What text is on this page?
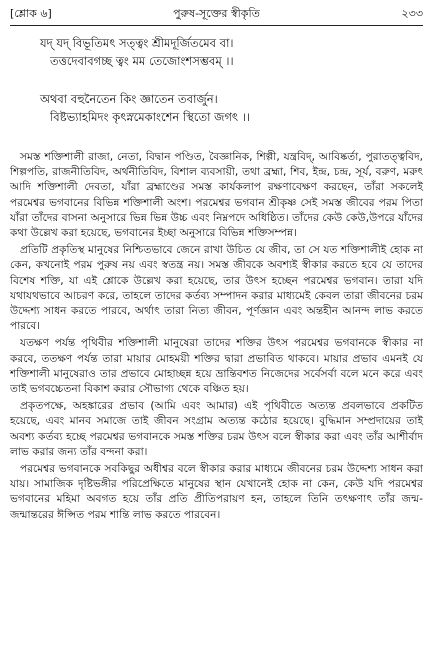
[শ্লোক ৬]	পুরুষ-সূক্তের স্বীকৃতি	২৩৩
যদ্ যদ্ বিভূতিমৎ সত্ত্বং শ্রীমদূর্জিতমেব বা।
তত্তদেবাবগচ্ছ ত্বং মম তেজোংশসম্ভবম্ ।।
অথবা বহুনৈতেন কিং জ্ঞাতেন তবার্জুন।
বিষ্টভ্যাহমিদং কৃৎস্নমেকাংশেন স্থিতো জগৎ ।।

সমস্ত শক্তিশালী রাজা, নেতা, বিদ্বান পণ্ডিত, বৈজ্ঞানিক, শিল্পী, যন্ত্রবিদ্‌, আবিষ্কর্তা, পুরাতত্ত্ববিদ, শিল্পপতি, রাজনীতিবিদ, অর্থনীতিবিদ, বিশাল ব্যবসায়ী, তথা ব্রহ্মা, শিব, ইন্দ্র, চন্দ্র, সূর্য, বরুণ, মরুৎ আদি শক্তিশালী দেবতা, যাঁরা ব্রহ্মাণ্ডের সমস্ত কার্যকলাপ রক্ষণাবেক্ষণ করছেন, তাঁরা সকলেই পরমেশ্বর ভগবানের বিভিন্ন শক্তিশালী অংশ। পরমেশ্বর ভগবান শ্রীকৃষ্ণ সেই সমস্ত জীবের পরম পিতা যাঁরা তাঁদের বাসনা অনুসারে ভিন্ন ভিন্ন উচ্চ এবং নিম্নপদে অধিষ্ঠিত। তাঁদের কেউ কেউ,উপরে যাঁদের কথা উল্লেখ করা হয়েছে, ভগবানের ইচ্ছা অনুসারে বিভিন্ন শক্তিসম্পন্ন।

প্রতিটি প্রকৃতিস্থ মানুষের নিশ্চিতভাবে জেনে রাখা উচিত যে জীব, তা সে যত শক্তিশালীই হোক না কেন, কখনোই পরম পুরুষ নয় এবং স্বতন্ত্র নয়। সমস্ত জীবকে অবশ্যই স্বীকার করতে হবে যে তাদের বিশেষ শক্তি, যা এই শ্লোকে উল্লেখ করা হয়েছে, তার উৎস হচ্ছেন পরমেশ্বর ভগবান। তারা যদি যথাযথভাবে আচরণ করে, তাহলে তাদের কর্তব্য সম্পাদন করার মাধ্যমেই কেবল তারা জীবনের চরম উদ্দেশ্য সাধন করতে পারবে, অর্থাৎ তারা নিত্য জীবন, পূর্ণজ্ঞান এবং অন্তহীন আনন্দ লাভ করতে পারবে।

যতক্ষণ পর্যন্ত পৃথিবীর শক্তিশালী মানুষেরা তাদের শক্তির উৎস পরমেশ্বর ভগবানকে স্বীকার না করবে, ততক্ষণ পর্যন্ত তারা মায়ার মোহময়ী শক্তির দ্বারা প্রভাবিত থাকবে। মায়ার প্রভাব এমনই যে শক্তিশালী মানুষেরাও তার প্রভাবে মোহাচ্ছন্ন হয়ে ভ্রান্তিবশত নিজেদের সর্বেসর্বা বলে মনে করে এবং তাই ভগবচ্চেতনা বিকাশ করার সৌভাগ্য থেকে বঞ্চিত হয়।

প্রকৃতপক্ষে, অহঙ্কারের প্রভাব (আমি এবং আমার) এই পৃথিবীতে অত্যন্ত প্রবলভাবে প্রকটিত হয়েছে, এবং মানব সমাজে তাই জীবন সংগ্রাম অত্যন্ত কঠোর হয়েছে। বুদ্ধিমান সম্প্রদায়ের তাই অবশ্য কর্তব্য হচ্ছে পরমেশ্বর ভগবানকে সমস্ত শক্তির চরম উৎস বলে স্বীকার করা এবং তাঁর আশীর্বাদ লাভ করার জন্য তাঁর বন্দনা করা।

পরমেশ্বর ভগবানকে সবকিছুর অধীশ্বর বলে স্বীকার করার মাধ্যমে জীবনের চরম উদ্দেশ্য সাধন করা যায়। সামাজিক দৃষ্টিভঙ্গীর পরিপ্রেক্ষিতে মানুষের স্থান যেখানেই হোক না কেন, কেউ যদি পরমেশ্বর ভগবানের মহিমা অবগত হয়ে তাঁর প্রতি প্রীতিপরায়ণ হন, তাহলে তিনি তৎক্ষণাৎ তাঁর জন্ম-জন্মান্তরের ঈপ্সিত পরম শান্তি লাভ করতে পারবেন।
